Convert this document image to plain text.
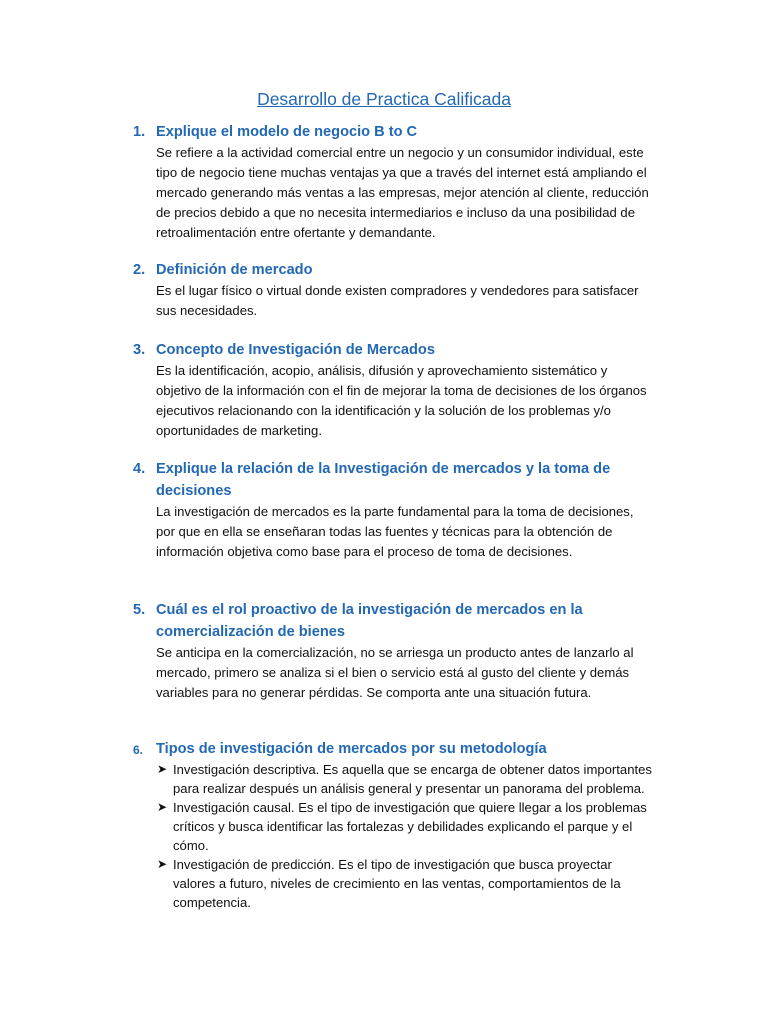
Desarrollo de Practica Calificada
1. Explique el modelo de negocio B to C
Se refiere a la actividad comercial entre un negocio y un consumidor individual, este tipo de negocio tiene muchas ventajas ya que a través del internet está ampliando el mercado generando más ventas a las empresas, mejor atención al cliente, reducción de precios debido a que no necesita intermediarios e incluso da una posibilidad de retroalimentación entre ofertante y demandante.
2. Definición de mercado
Es el lugar físico o virtual donde existen compradores y vendedores para satisfacer sus necesidades.
3. Concepto de Investigación de Mercados
Es la identificación, acopio, análisis, difusión y aprovechamiento sistemático y objetivo de la información con el fin de mejorar la toma de decisiones de los órganos ejecutivos relacionando con la identificación y la solución de los problemas y/o oportunidades de marketing.
4. Explique la relación de la Investigación de mercados y la toma de decisiones
La investigación de mercados es la parte fundamental para la toma de decisiones, por que en ella se enseñaran todas las fuentes y técnicas para la obtención de información objetiva como base para el proceso de toma de decisiones.
5. Cuál es el rol proactivo de la investigación de mercados en la comercialización de bienes
Se anticipa en la comercialización, no se arriesga un producto antes de lanzarlo al mercado, primero se analiza si el bien o servicio está al gusto del cliente y demás variables para no generar pérdidas. Se comporta ante una situación futura.
6. Tipos de investigación de mercados por su metodología
➤ Investigación descriptiva. Es aquella que se encarga de obtener datos importantes para realizar después un análisis general y presentar un panorama del problema.
➤ Investigación causal. Es el tipo de investigación que quiere llegar a los problemas críticos y busca identificar las fortalezas y debilidades explicando el parque y el cómo.
➤ Investigación de predicción. Es el tipo de investigación que busca proyectar valores a futuro, niveles de crecimiento en las ventas, comportamientos de la competencia.
